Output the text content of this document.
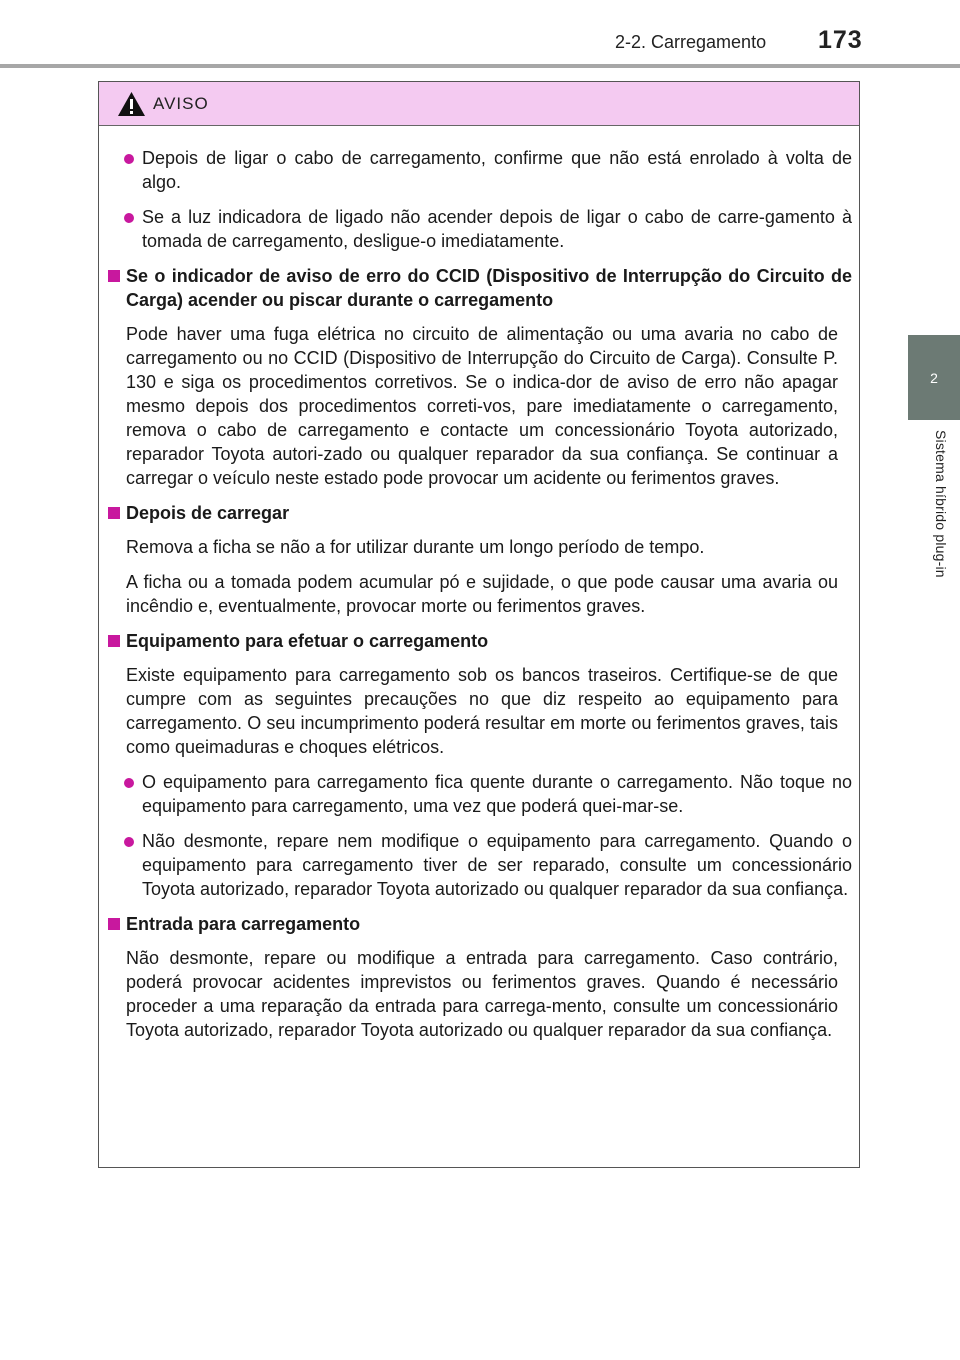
2-2. Carregamento 173
2
Sistema híbrido plug-in
AVISO
Depois de ligar o cabo de carregamento, confirme que não está enrolado à volta de algo.
Se a luz indicadora de ligado não acender depois de ligar o cabo de carre-gamento à tomada de carregamento, desligue-o imediatamente.
Se o indicador de aviso de erro do CCID (Dispositivo de Interrupção do Circuito de Carga) acender ou piscar durante o carregamento
Pode haver uma fuga elétrica no circuito de alimentação ou uma avaria no cabo de carregamento ou no CCID (Dispositivo de Interrupção do Circuito de Carga). Consulte P. 130 e siga os procedimentos corretivos. Se o indica-dor de aviso de erro não apagar mesmo depois dos procedimentos correti-vos, pare imediatamente o carregamento, remova o cabo de carregamento e contacte um concessionário Toyota autorizado, reparador Toyota autori-zado ou qualquer reparador da sua confiança. Se continuar a carregar o veículo neste estado pode provocar um acidente ou ferimentos graves.
Depois de carregar
Remova a ficha se não a for utilizar durante um longo período de tempo.
A ficha ou a tomada podem acumular pó e sujidade, o que pode causar uma avaria ou incêndio e, eventualmente, provocar morte ou ferimentos graves.
Equipamento para efetuar o carregamento
Existe equipamento para carregamento sob os bancos traseiros. Certifique-se de que cumpre com as seguintes precauções no que diz respeito ao equipamento para carregamento. O seu incumprimento poderá resultar em morte ou ferimentos graves, tais como queimaduras e choques elétricos.
O equipamento para carregamento fica quente durante o carregamento. Não toque no equipamento para carregamento, uma vez que poderá quei-mar-se.
Não desmonte, repare nem modifique o equipamento para carregamento. Quando o equipamento para carregamento tiver de ser reparado, consulte um concessionário Toyota autorizado, reparador Toyota autorizado ou qualquer reparador da sua confiança.
Entrada para carregamento
Não desmonte, repare ou modifique a entrada para carregamento. Caso contrário, poderá provocar acidentes imprevistos ou ferimentos graves. Quando é necessário proceder a uma reparação da entrada para carrega-mento, consulte um concessionário Toyota autorizado, reparador Toyota autorizado ou qualquer reparador da sua confiança.
